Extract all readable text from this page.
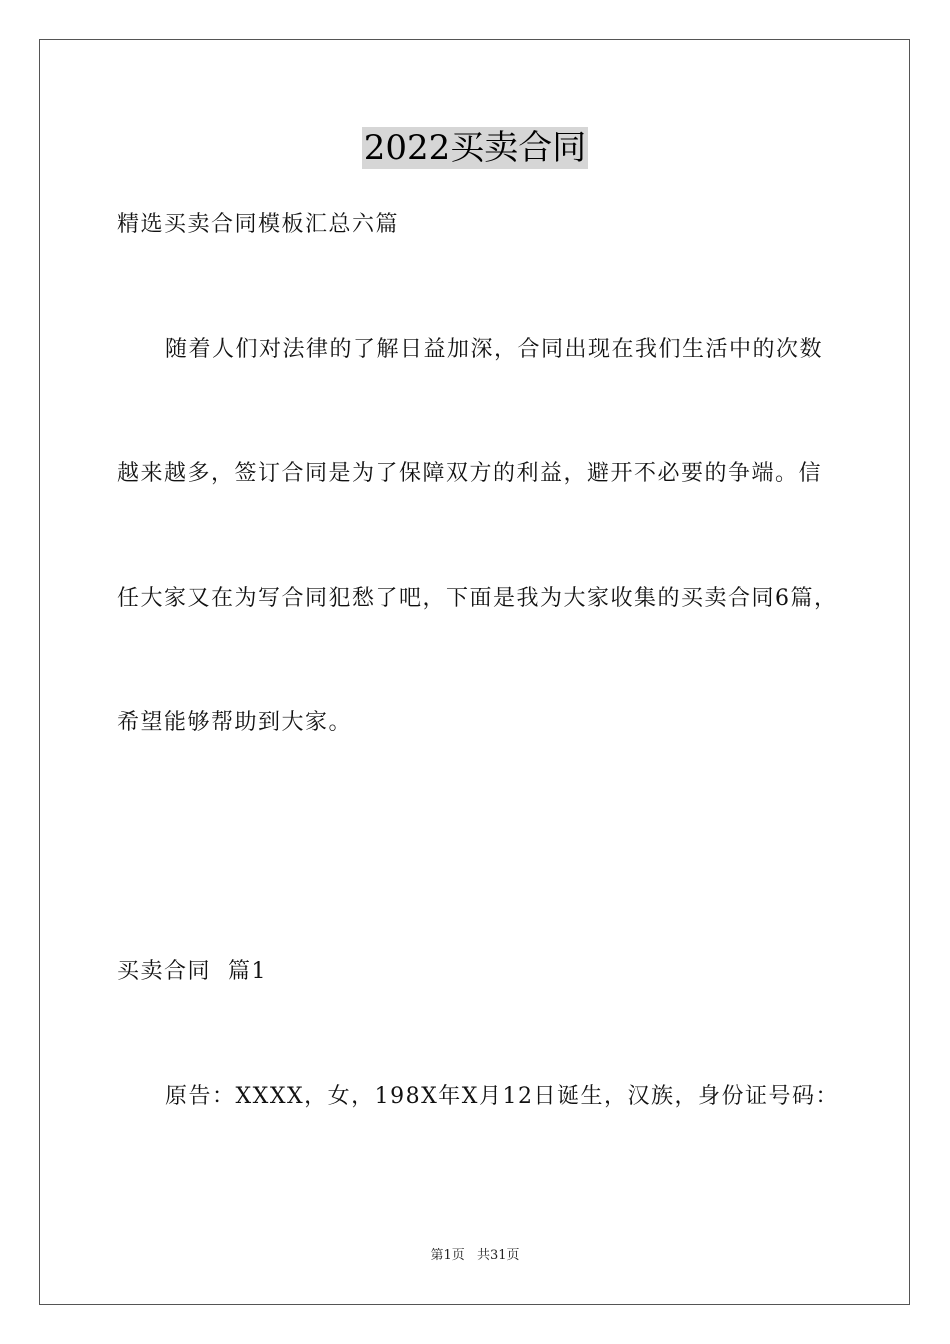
2022买卖合同
精选买卖合同模板汇总六篇
随着人们对法律的了解日益加深，合同出现在我们生活中的次数
越来越多，签订合同是为了保障双方的利益，避开不必要的争端。信
任大家又在为写合同犯愁了吧，下面是我为大家收集的买卖合同6篇，
希望能够帮助到大家。
买卖合同  篇1
原告：XXXX，女，198X年X月12日诞生，汉族，身份证号码：
第1页 共31页
